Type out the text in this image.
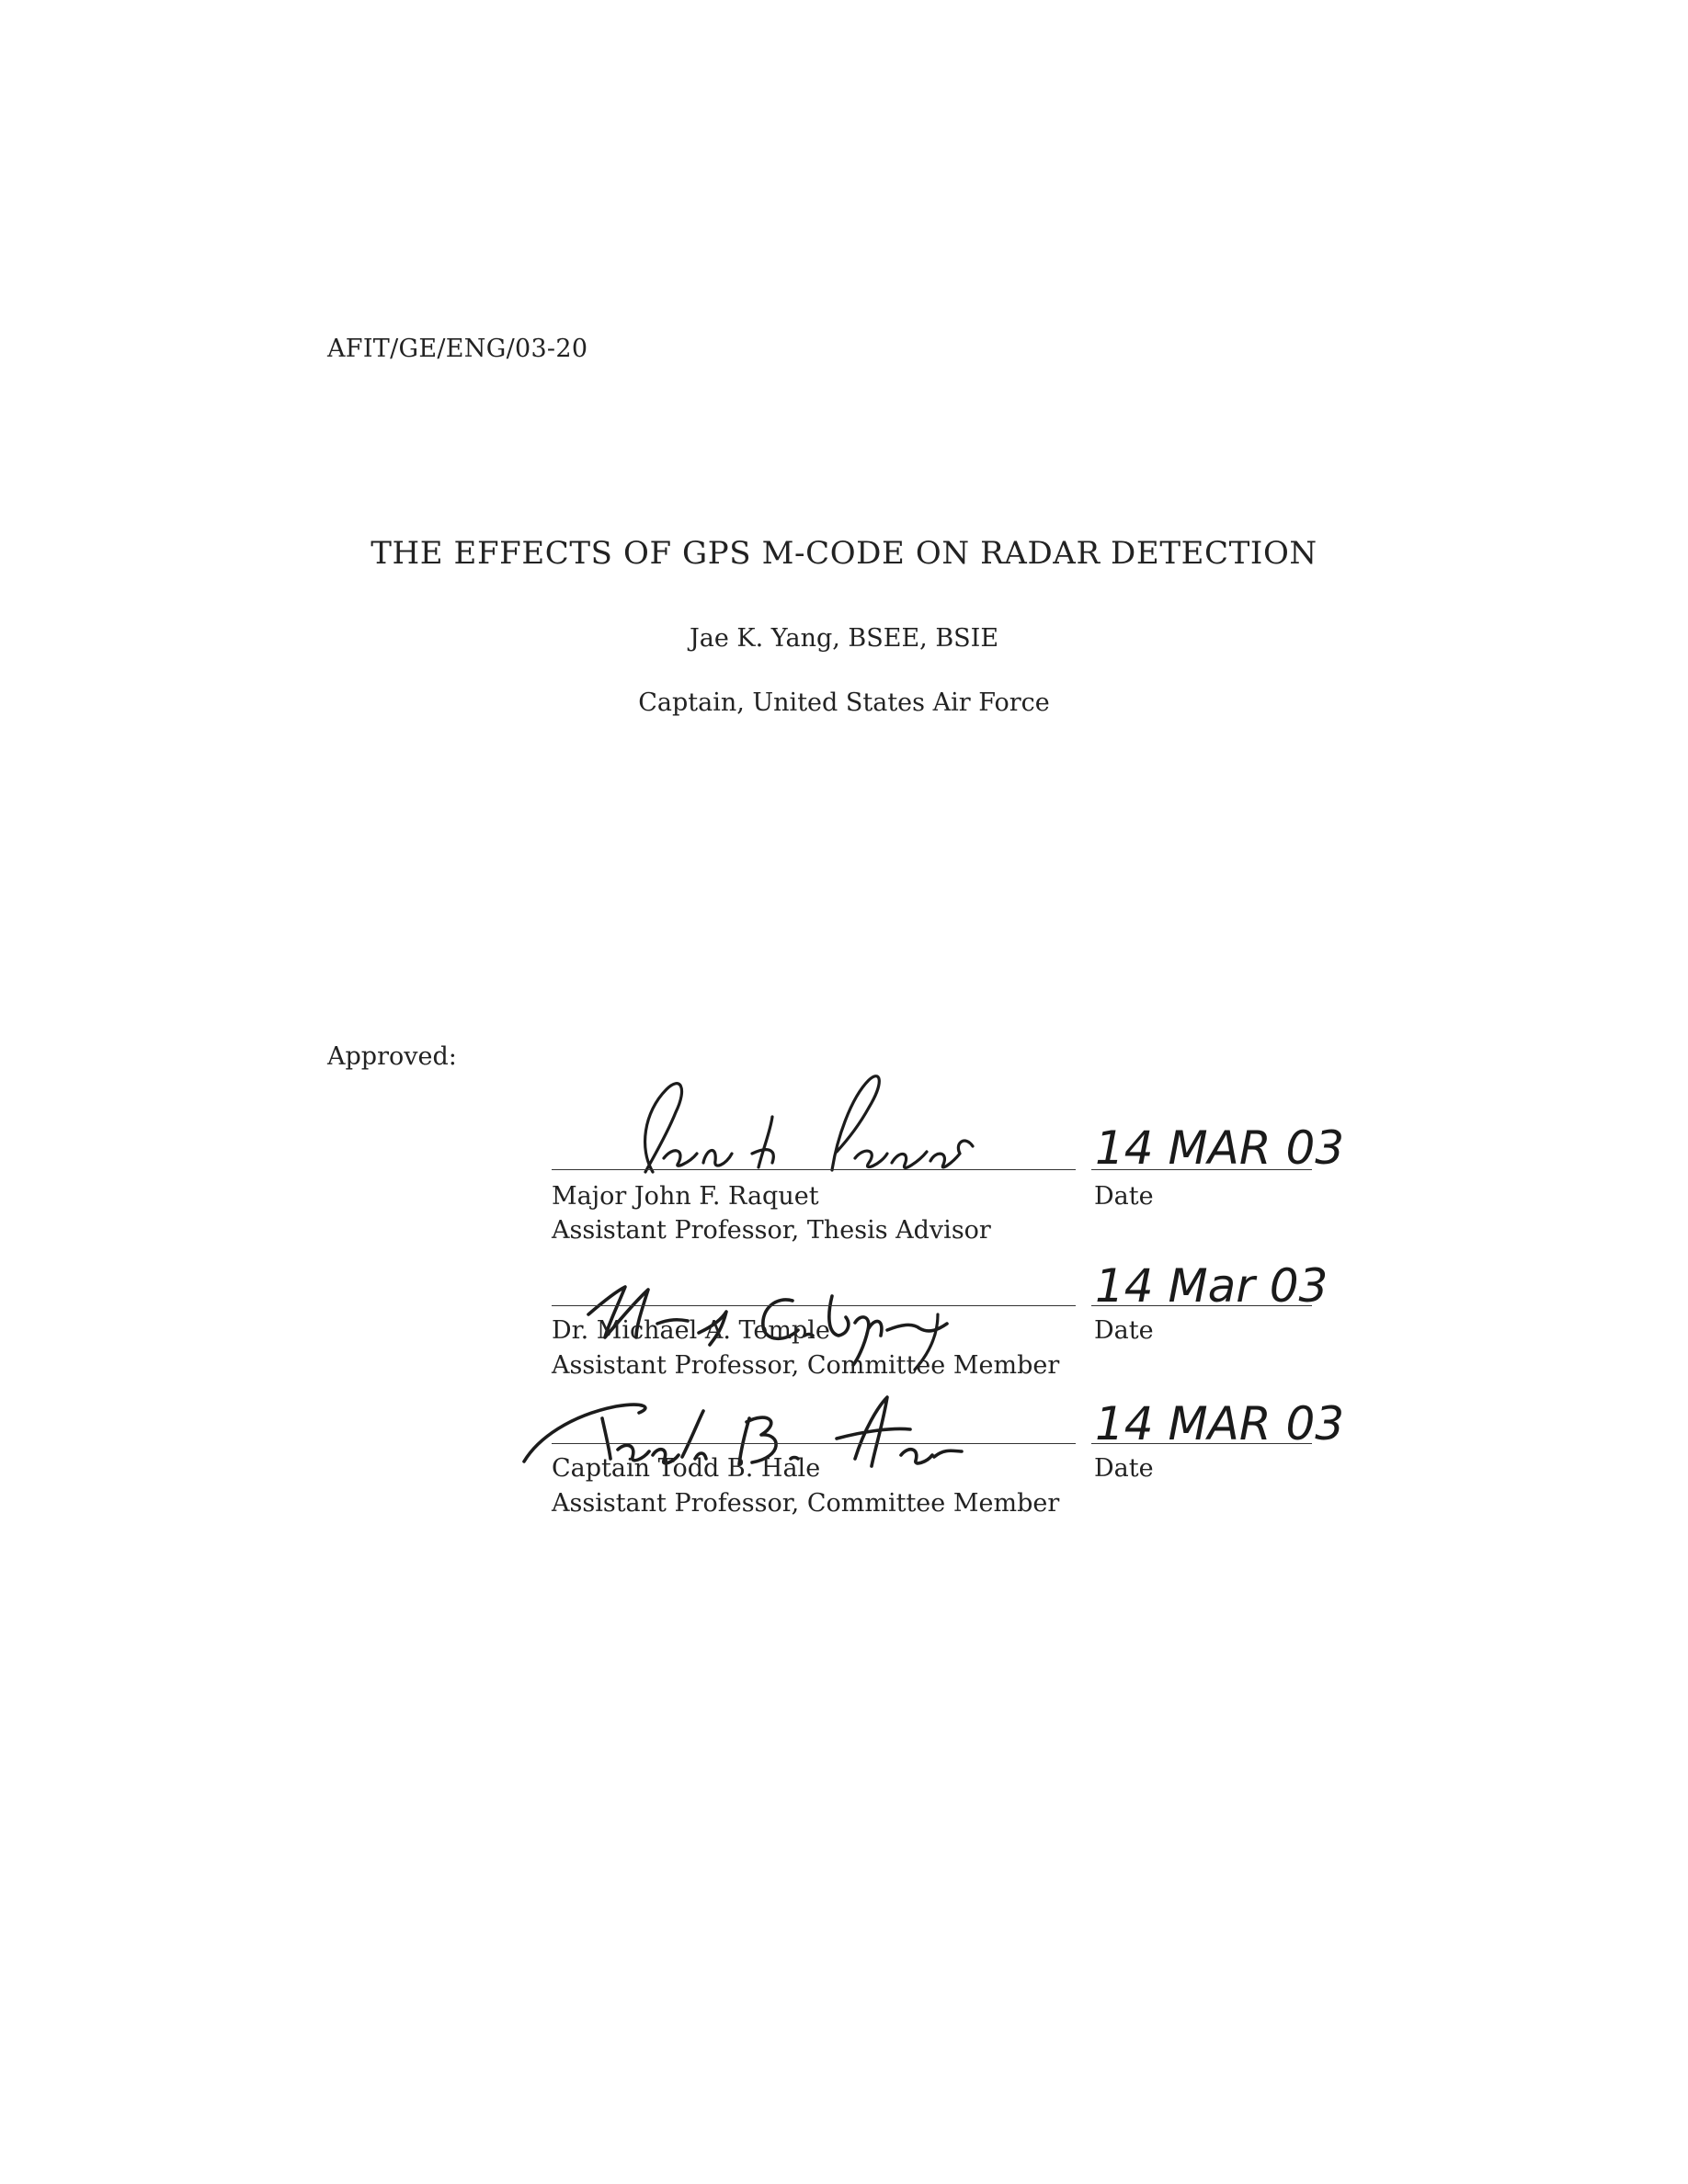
AFIT/GE/ENG/03-20
THE EFFECTS OF GPS M-CODE ON RADAR DETECTION
Jae K. Yang, BSEE, BSIE
Captain, United States Air Force
Approved:
14 MAR 03
Major John F. Raquet	Date
Assistant Professor, Thesis Advisor
14 Mar 03
Dr. Michael A. Temple	Date
Assistant Professor, Committee Member
14 MAR 03
Captain Todd B. Hale	Date
Assistant Professor, Committee Member
